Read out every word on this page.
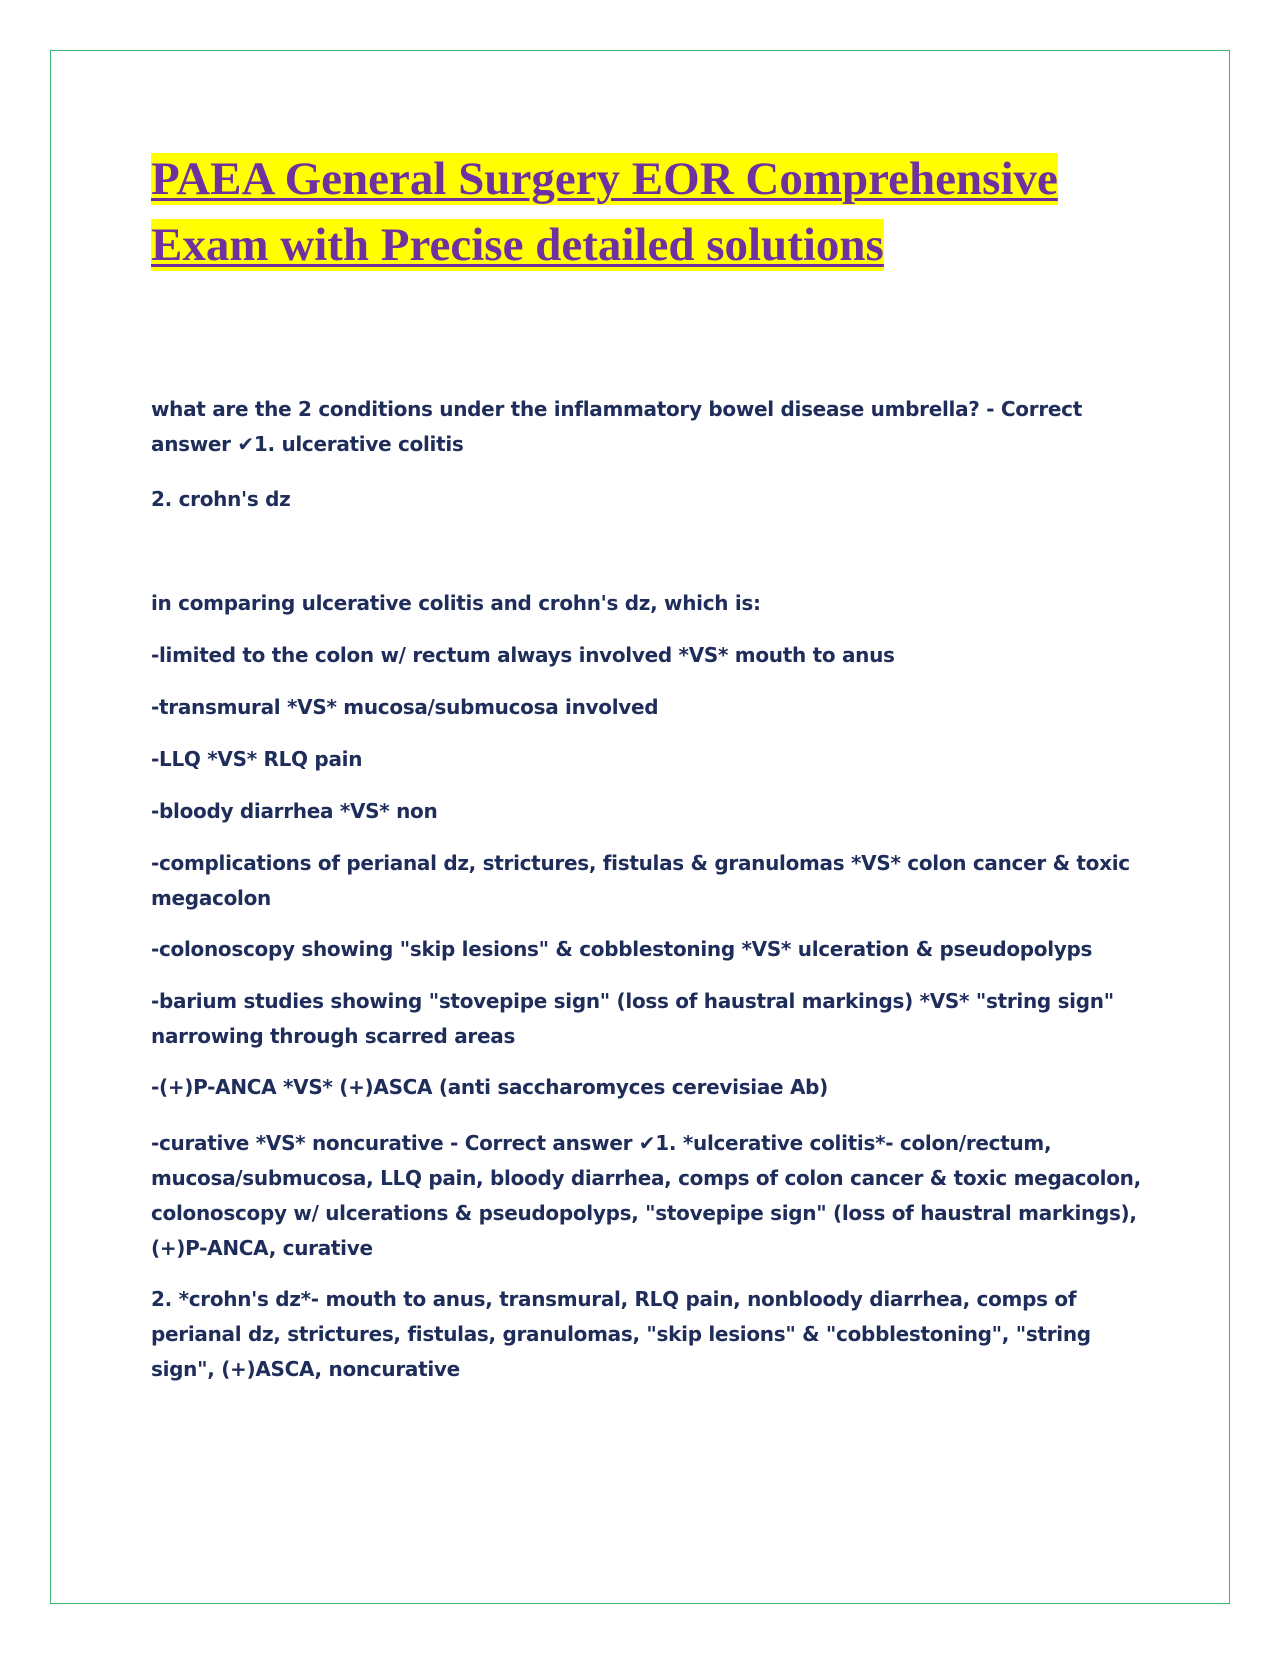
PAEA General Surgery EOR Comprehensive Exam with Precise detailed solutions

what are the 2 conditions under the inflammatory bowel disease umbrella? - Correct answer ✔1. ulcerative colitis

2. crohn's dz

in comparing ulcerative colitis and crohn's dz, which is:

-limited to the colon w/ rectum always involved *VS* mouth to anus

-transmural *VS* mucosa/submucosa involved

-LLQ *VS* RLQ pain

-bloody diarrhea *VS* non

-complications of perianal dz, strictures, fistulas & granulomas *VS* colon cancer & toxic megacolon

-colonoscopy showing "skip lesions" & cobblestoning *VS* ulceration & pseudopolyps

-barium studies showing "stovepipe sign" (loss of haustral markings) *VS* "string sign" narrowing through scarred areas

-(+)P-ANCA *VS* (+)ASCA (anti saccharomyces cerevisiae Ab)

-curative *VS* noncurative - Correct answer ✔1. *ulcerative colitis*- colon/rectum, mucosa/submucosa, LLQ pain, bloody diarrhea, comps of colon cancer & toxic megacolon, colonoscopy w/ ulcerations & pseudopolyps, "stovepipe sign" (loss of haustral markings), (+)P-ANCA, curative

2. *crohn's dz*- mouth to anus, transmural, RLQ pain, nonbloody diarrhea, comps of perianal dz, strictures, fistulas, granulomas, "skip lesions" & "cobblestoning", "string sign", (+)ASCA, noncurative
